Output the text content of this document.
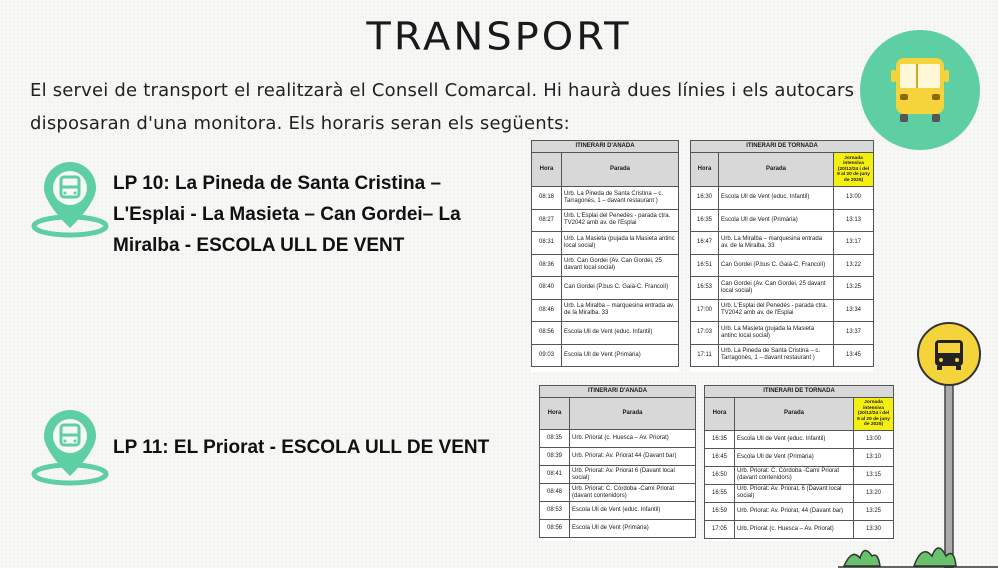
TRANSPORT
El servei de transport el realitzarà el Consell Comarcal. Hi haurà dues línies i els autocars disposaran d'una monitora. Els horaris seran els següents:
LP 10: La Pineda de Santa Cristina – L'Esplai - La Masieta – Can Gordei– La Miralba - ESCOLA ULL DE VENT
LP 11: EL Priorat - ESCOLA ULL DE VENT
ITINERARI D'ANADA	
Hora	Parada
08:18	Urb. La Pineda de Santa Cristina – c. Tarragonès, 1 – davant restaurant )
08:27	Urb. L'Esplai del Penedès - parada ctra. TV2042 amb av. de l'Esplai
08:31	Urb. La Masieta (pujada la Masieta antinc local social)
08:36	Urb. Can Gordei (Av. Can Gordei, 25 davant local social)
08:40	Can Gordei (P.bus C. Gaià-C. Francolí)
08:46	Urb. La Miralba – marquesina entrada av. de la Miralba. 33
08:56	Escola Ull de Vent (educ. Infantil)
09:03	Escola Ull de Vent (Primària)
ITINERARI DE TORNADA		
Hora	Parada	Jornada intensiva (20/12/24 i del 9 al 20 de juny de 2025)
16:30	Escola Ull de Vent (educ. Infantil)	13:00
16:35	Escola Ull de Vent (Primària)	13:13
16:47	Urb. La Miralba – marquesina entrada av. de la Miralba. 33	13:17
16:51	Can Gordei (P.bus C. Gaià-C. Francolí)	13:22
16:53	Can Gordei (Av. Can Gordei, 25 davant local social)	13:25
17:00	Urb. L'Esplai del Penedès - parada ctra. TV2042 amb av. de l'Esplai	13:34
17:03	Urb. La Masieta (pujada la Masieta antinc local social)	13:37
17:11	Urb. La Pineda de Santa Cristina – c. Tarragonès, 1 – davant restaurant )	13:45
ITINERARI D'ANADA	
Hora	Parada
08:35	Urb. Priorat (c. Huesca – Av. Priorat)
08:39	Urb. Priorat: Av. Priorat 44 (Davant bar)
08:41	Urb. Priorat: Av. Priorat 6 (Davant local social)
08:48	Urb. Priorat: C. Còrdoba -Camí Priorat (davant contenidors)
08:53	Escola Ull de Vent (educ. Infantil)
08:56	Escola Ull de Vent (Primària)
ITINERARI DE TORNADA		
Hora	Parada	Jornada intensiva (20/12/24 i del 9 al 20 de juny de 2025)
16:35	Escola Ull de Vent (educ. Infantil)	13:00
16:45	Escola Ull de Vent (Primària)	13:10
16:50	Urb. Priorat: C. Còrdoba -Camí Priorat (davant contenidors)	13:15
16:55	Urb. Priorat: Av. Priorat, 6 (Davant local social)	13:20
16:59	Urb. Priorat: Av. Priorat, 44 (Davant bar)	13:25
17:05	Urb. Priorat (c. Huesca – Av. Priorat)	13:30
